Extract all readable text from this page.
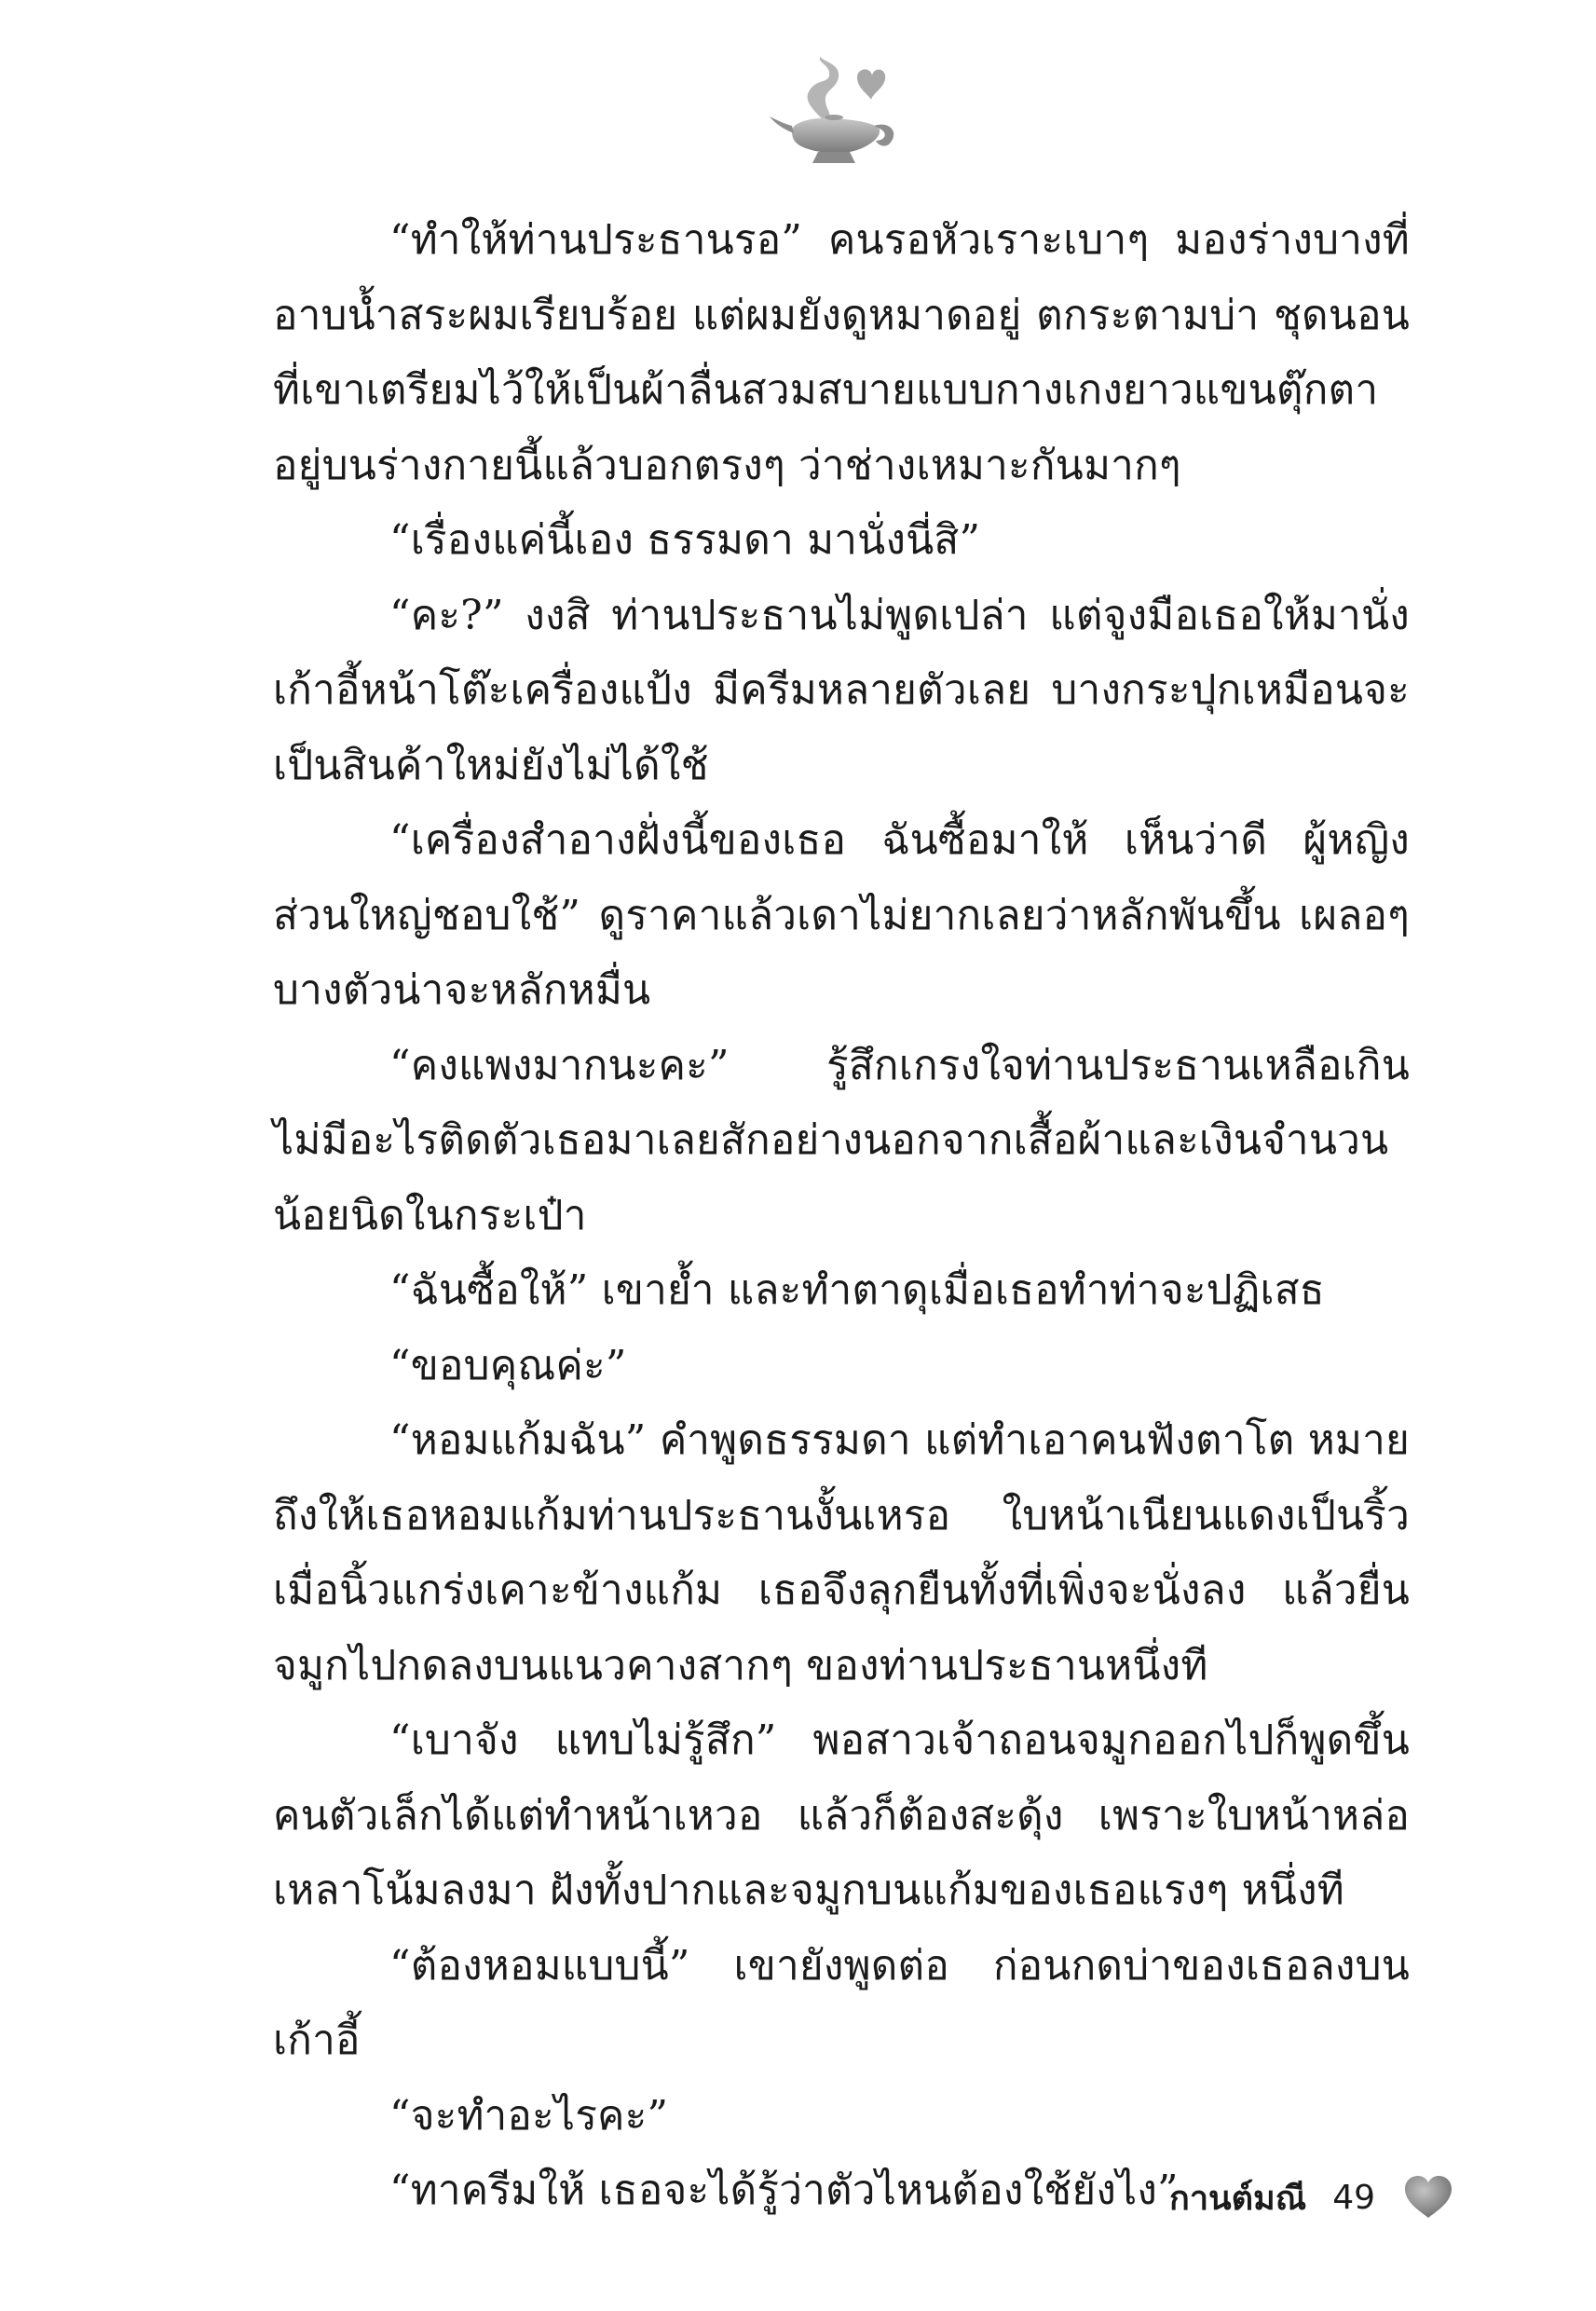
“ทำให้ท่านประธานรอ” คนรอหัวเราะเบาๆ มองร่างบางที่อาบน้ำสระผมเรียบร้อย แต่ผมยังดูหมาดอยู่ ตกระตามบ่า ชุดนอนที่เขาเตรียมไว้ให้เป็นผ้าลื่นสวมสบายแบบกางเกงยาวแขนตุ๊กตา อยู่บนร่างกายนี้แล้วบอกตรงๆ ว่าช่างเหมาะกันมากๆ

“เรื่องแค่นี้เอง ธรรมดา มานั่งนี่สิ”

“คะ?” งงสิ ท่านประธานไม่พูดเปล่า แต่จูงมือเธอให้มานั่งเก้าอี้หน้าโต๊ะเครื่องแป้ง มีครีมหลายตัวเลย บางกระปุกเหมือนจะเป็นสินค้าใหม่ยังไม่ได้ใช้

“เครื่องสำอางฝั่งนี้ของเธอ ฉันซื้อมาให้ เห็นว่าดี ผู้หญิงส่วนใหญ่ชอบใช้” ดูราคาแล้วเดาไม่ยากเลยว่าหลักพันขึ้น เผลอๆ บางตัวน่าจะหลักหมื่น

“คงแพงมากนะคะ” รู้สึกเกรงใจท่านประธานเหลือเกิน ไม่มีอะไรติดตัวเธอมาเลยสักอย่างนอกจากเสื้อผ้าและเงินจำนวนน้อยนิดในกระเป๋า

“ฉันซื้อให้” เขาย้ำ และทำตาดุเมื่อเธอทำท่าจะปฏิเสธ

“ขอบคุณค่ะ”

“หอมแก้มฉัน” คำพูดธรรมดา แต่ทำเอาคนฟังตาโต หมายถึงให้เธอหอมแก้มท่านประธานงั้นเหรอ ใบหน้าเนียนแดงเป็นริ้วเมื่อนิ้วแกร่งเคาะข้างแก้ม เธอจึงลุกยืนทั้งที่เพิ่งจะนั่งลง แล้วยื่นจมูกไปกดลงบนแนวคางสากๆ ของท่านประธานหนึ่งที

“เบาจัง แทบไม่รู้สึก” พอสาวเจ้าถอนจมูกออกไปก็พูดขึ้นคนตัวเล็กได้แต่ทำหน้าเหวอ แล้วก็ต้องสะดุ้ง เพราะใบหน้าหล่อเหลาโน้มลงมา ฝังทั้งปากและจมูกบนแก้มของเธอแรงๆ หนึ่งที

“ต้องหอมแบบนี้” เขายังพูดต่อ ก่อนกดบ่าของเธอลงบนเก้าอี้

“จะทำอะไรคะ”

“ทาครีมให้ เธอจะได้รู้ว่าตัวไหนต้องใช้ยังไง”

กานต์มณี 49
